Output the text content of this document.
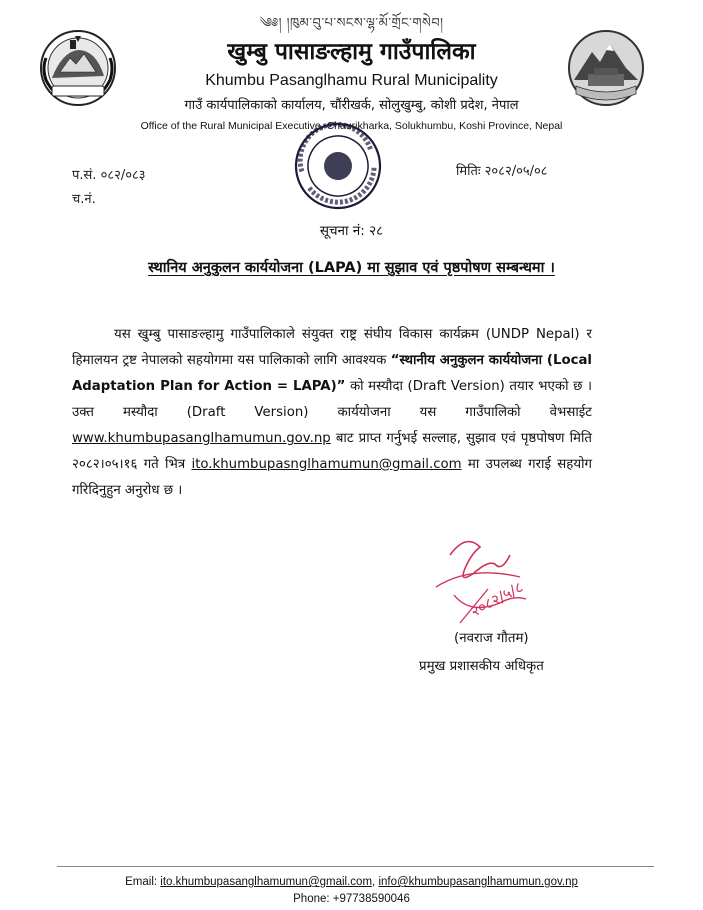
༄༅། །ཁུམ་བུ་པ་སངས་ལྷ་མོ་གྲོང་གསེབ།
खुम्बु पासाङल्हामु गाउँपालिका
Khumbu Pasanglhamu Rural Municipality
गाउँ कार्यपालिकाको कार्यालय, चौंरीखर्क, सोलुखुम्बु, कोशी प्रदेश, नेपाल
Office of the Rural Municipal Executive, Chaurikharka, Solukhumbu, Koshi Province, Nepal
प.सं. ०८२/०८३
च.नं.
मितिः २०८२/०५/०८
सूचना नं: २८
स्थानिय अनुकुलन कार्ययोजना (LAPA) मा सुझाव एवं पृष्ठपोषण सम्बन्धमा ।
यस खुम्बु पासाङल्हामु गाउँपालिकाले संयुक्त राष्ट्र संघीय विकास कार्यक्रम (UNDP Nepal) र हिमालयन ट्रष्ट नेपालको सहयोगमा यस पालिकाको लागि आवश्यक “स्थानीय अनुकुलन कार्ययोजना (Local Adaptation Plan for Action = LAPA)” को मस्यौदा (Draft Version) तयार भएको छ । उक्त मस्यौदा (Draft Version) कार्ययोजना यस गाउँपालिको वेभसाईट www.khumbupasanglhamumun.gov.np बाट प्राप्त गर्नुभई सल्लाह, सुझाव एवं पृष्ठपोषण मिति २०८२।०५।१६ गते भित्र ito.khumbupasnglhamumun@gmail.com मा उपलब्ध गराई सहयोग गरिदिनुहुन अनुरोध छ ।
२०८२/५/८
(नवराज गौतम)
प्रमुख प्रशासकीय अधिकृत
Email: ito.khumbupasanglhamumun@gmail.com, info@khumbupasanglhamumun.gov.np
Phone: +97738590046
